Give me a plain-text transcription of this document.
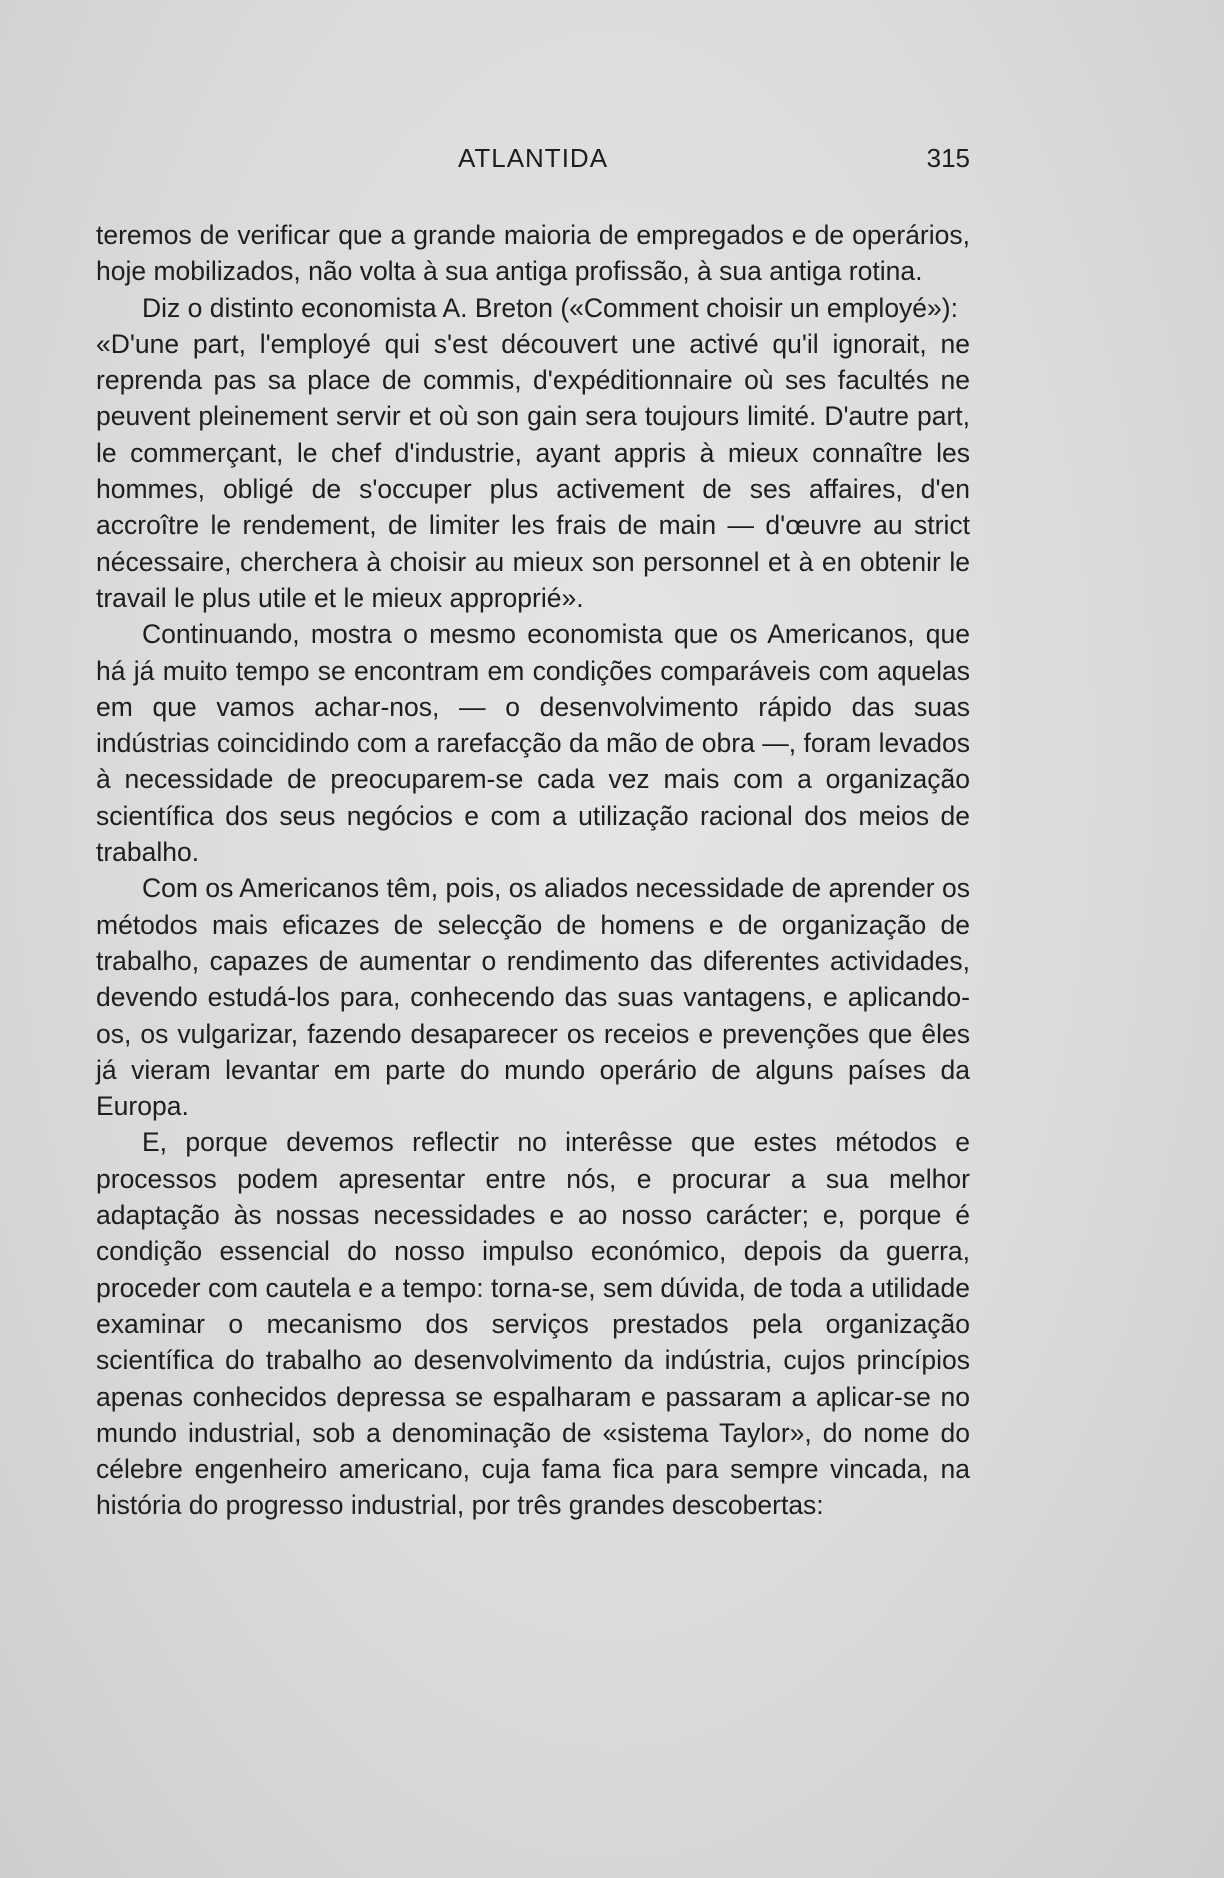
ATLANTIDA	315

teremos de verificar que a grande maioria de empregados e de operários, hoje mobilizados, não volta à sua antiga profissão, à sua antiga rotina.

Diz o distinto economista A. Breton («Comment choisir un employé»):

«D'une part, l'employé qui s'est découvert une activé qu'il ignorait, ne reprenda pas sa place de commis, d'expéditionnaire où ses facultés ne peuvent pleinement servir et où son gain sera toujours limité. D'autre part, le commerçant, le chef d'industrie, ayant appris à mieux connaître les hommes, obligé de s'occuper plus activement de ses affaires, d'en accroître le rendement, de limiter les frais de main — d'œuvre au strict nécessaire, cherchera à choisir au mieux son personnel et à en obtenir le travail le plus utile et le mieux approprié».

Continuando, mostra o mesmo economista que os Americanos, que há já muito tempo se encontram em condições comparáveis com aquelas em que vamos achar-nos, — o desenvolvimento rápido das suas indústrias coincidindo com a rarefacção da mão de obra —, foram levados à necessidade de preocuparem-se cada vez mais com a organização scientífica dos seus negócios e com a utilização racional dos meios de trabalho.

Com os Americanos têm, pois, os aliados necessidade de aprender os métodos mais eficazes de selecção de homens e de organização de trabalho, capazes de aumentar o rendimento das diferentes actividades, devendo estudá-los para, conhecendo das suas vantagens, e aplicando-os, os vulgarizar, fazendo desaparecer os receios e prevenções que êles já vieram levantar em parte do mundo operário de alguns países da Europa.

E, porque devemos reflectir no interêsse que estes métodos e processos podem apresentar entre nós, e procurar a sua melhor adaptação às nossas necessidades e ao nosso carácter; e, porque é condição essencial do nosso impulso económico, depois da guerra, proceder com cautela e a tempo: torna-se, sem dúvida, de toda a utilidade examinar o mecanismo dos serviços prestados pela organização scientífica do trabalho ao desenvolvimento da indústria, cujos princípios apenas conhecidos depressa se espalharam e passaram a aplicar-se no mundo industrial, sob a denominação de «sistema Taylor», do nome do célebre engenheiro americano, cuja fama fica para sempre vincada, na história do progresso industrial, por três grandes descobertas:
